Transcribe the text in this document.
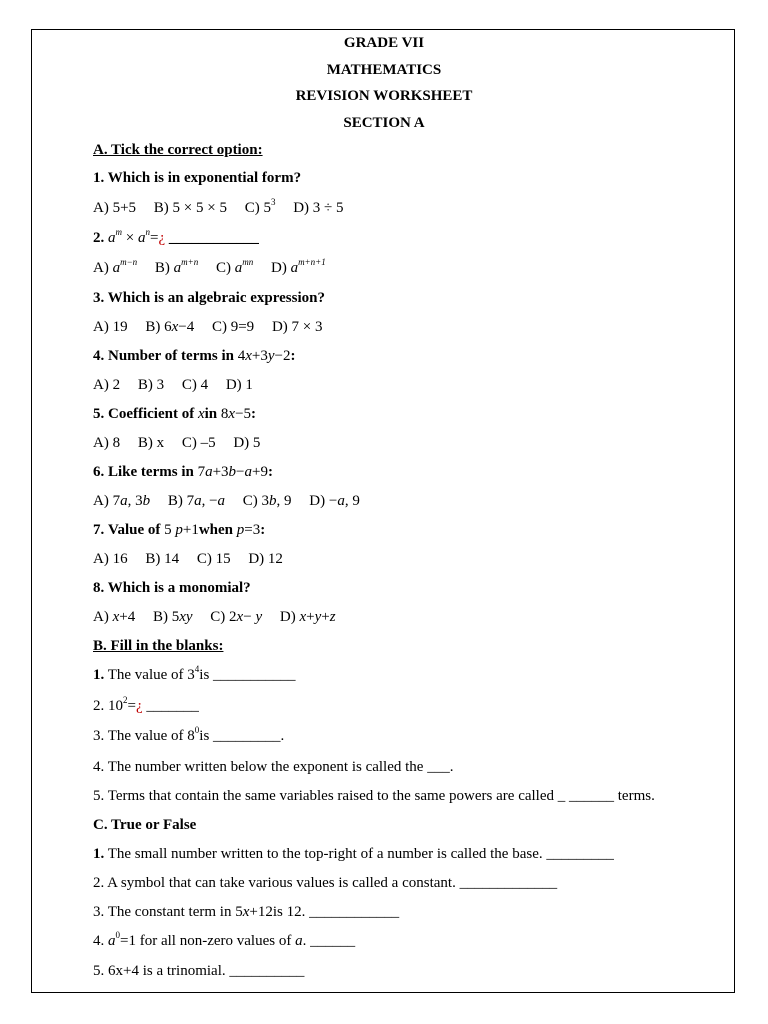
GRADE VII
MATHEMATICS
REVISION WORKSHEET
SECTION A
A. Tick the correct option:
1. Which is in exponential form?
A) 5+5 B) 5 × 5 × 5 C) $5^3$ D) 3 ÷ 5
2. $a^m$ × $a^n=¿$ ____________
A) $a^{m-n}$ B) $a^{m+n}$ C) $a^{mn}$ D) $a^{m+n+1}$
3. Which is an algebraic expression?
A) 19 B) 6x−4 C) 9=9 D) 7 × 3
4. Number of terms in 4x+3y−2:
A) 2 B) 3 C) 4 D) 1
5. Coefficient of xin 8x−5:
A) 8 B) x C) –5 D) 5
6. Like terms in 7a+3b−a+9:
A) 7a, 3b B) 7a, −a C) 3b, 9 D) −a, 9
7. Value of 5 p+1when p=3:
A) 16 B) 14 C) 15 D) 12
8. Which is a monomial?
A) x+4 B) 5xy C) 2x− y D) x+y+z
B. Fill in the blanks:
1. The value of $3^4is$ ___________
2. $10^2=¿$ _______
3. The value of $8^0is$ _________.
4. The number written below the exponent is called the ___.
5. Terms that contain the same variables raised to the same powers are called _ ______ terms.
C. True or False
1. The small number written to the top-right of a number is called the base. _________
2. A symbol that can take various values is called a constant. _____________
3. The constant term in 5x+12is 12. ____________
4. $a^0=1$ for all non-zero values of a. ______
5. 6x+4 is a trinomial. __________
